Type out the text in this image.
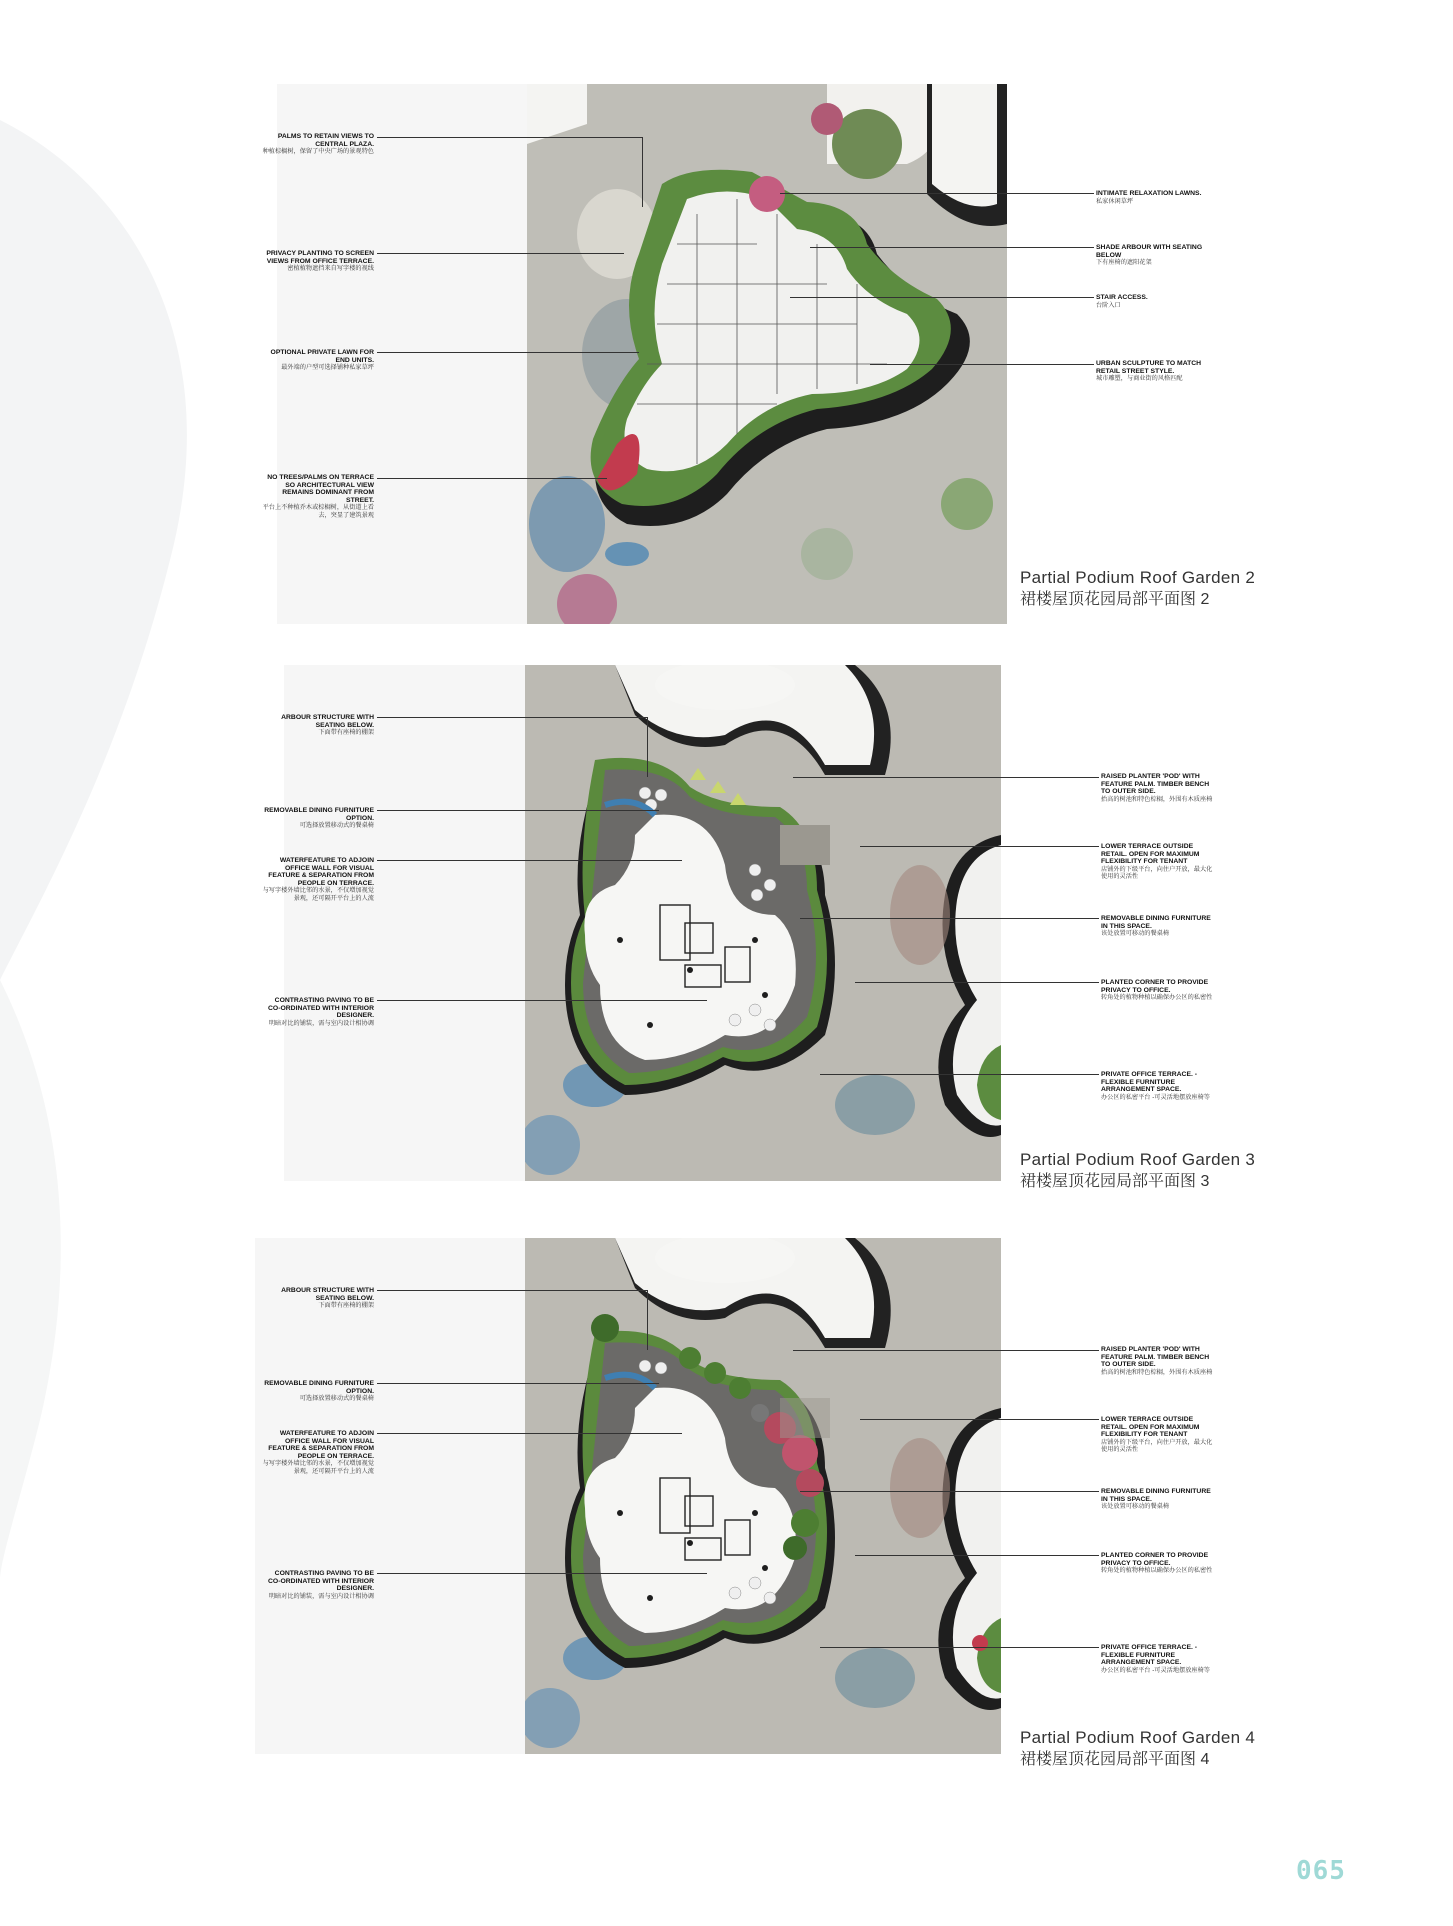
PALMS TO RETAIN VIEWS TO CENTRAL PLAZA.
种植棕榈树，保留了中央广场的景观特色
PRIVACY PLANTING TO SCREEN VIEWS FROM OFFICE TERRACE.
密植植物遮挡来自写字楼的视线
OPTIONAL PRIVATE LAWN FOR END UNITS.
最外端的户型可选择铺种私家草坪
NO TREES/PALMS ON TERRACE SO ARCHITECTURAL VIEW REMAINS DOMINANT FROM STREET.
平台上不种植乔木或棕榈树，从街道上看去，突显了建筑景观
INTIMATE RELAXATION LAWNS.
私家休闲草坪
SHADE ARBOUR WITH SEATING BELOW
下有座椅的遮阳花架
STAIR ACCESS.
台阶入口
URBAN SCULPTURE TO MATCH RETAIL STREET STYLE.
城市雕塑，与商业街的风格匹配
Partial Podium Roof Garden 2
裙楼屋顶花园局部平面图 2
ARBOUR STRUCTURE WITH SEATING BELOW.
下面带有座椅的棚架
REMOVABLE DINING FURNITURE OPTION.
可选择放置移动式的餐桌椅
WATERFEATURE TO ADJOIN OFFICE WALL FOR VISUAL FEATURE & SEPARATION FROM PEOPLE ON TERRACE.
与写字楼外墙比邻的水景，不仅增加视觉景观，还可隔开平台上的人流
CONTRASTING PAVING TO BE CO-ORDINATED WITH INTERIOR DESIGNER.
明暗对比的铺装，需与室内设计相协调
RAISED PLANTER 'POD' WITH FEATURE PALM. TIMBER BENCH TO OUTER SIDE.
抬高的树池和特色棕榈，外围有木质座椅
LOWER TERRACE OUTSIDE RETAIL. OPEN FOR MAXIMUM FLEXIBILITY FOR TENANT
店铺外的下级平台，向住户开放，最大化使用的灵活性
REMOVABLE DINING FURNITURE IN THIS SPACE.
该处放置可移动的餐桌椅
PLANTED CORNER TO PROVIDE PRIVACY TO OFFICE.
转角处的植物种植以确保办公区的私密性
PRIVATE OFFICE TERRACE. - FLEXIBLE FURNITURE ARRANGEMENT SPACE.
办公区的私密平台 -可灵活地摆放座椅等
Partial Podium Roof Garden 3
裙楼屋顶花园局部平面图 3
ARBOUR STRUCTURE WITH SEATING BELOW.
下面带有座椅的棚架
REMOVABLE DINING FURNITURE OPTION.
可选择放置移动式的餐桌椅
WATERFEATURE TO ADJOIN OFFICE WALL FOR VISUAL FEATURE & SEPARATION FROM PEOPLE ON TERRACE.
与写字楼外墙比邻的水景，不仅增加视觉景观，还可隔开平台上的人流
CONTRASTING PAVING TO BE CO-ORDINATED WITH INTERIOR DESIGNER.
明暗对比的铺装，需与室内设计相协调
RAISED PLANTER 'POD' WITH FEATURE PALM. TIMBER BENCH TO OUTER SIDE.
抬高的树池和特色棕榈，外围有木质座椅
LOWER TERRACE OUTSIDE RETAIL. OPEN FOR MAXIMUM FLEXIBILITY FOR TENANT
店铺外的下级平台，向住户开放，最大化使用的灵活性
REMOVABLE DINING FURNITURE IN THIS SPACE.
该处放置可移动的餐桌椅
PLANTED CORNER TO PROVIDE PRIVACY TO OFFICE.
转角处的植物种植以确保办公区的私密性
PRIVATE OFFICE TERRACE. - FLEXIBLE FURNITURE ARRANGEMENT SPACE.
办公区的私密平台 -可灵活地摆放座椅等
Partial Podium Roof Garden 4
裙楼屋顶花园局部平面图 4
065
